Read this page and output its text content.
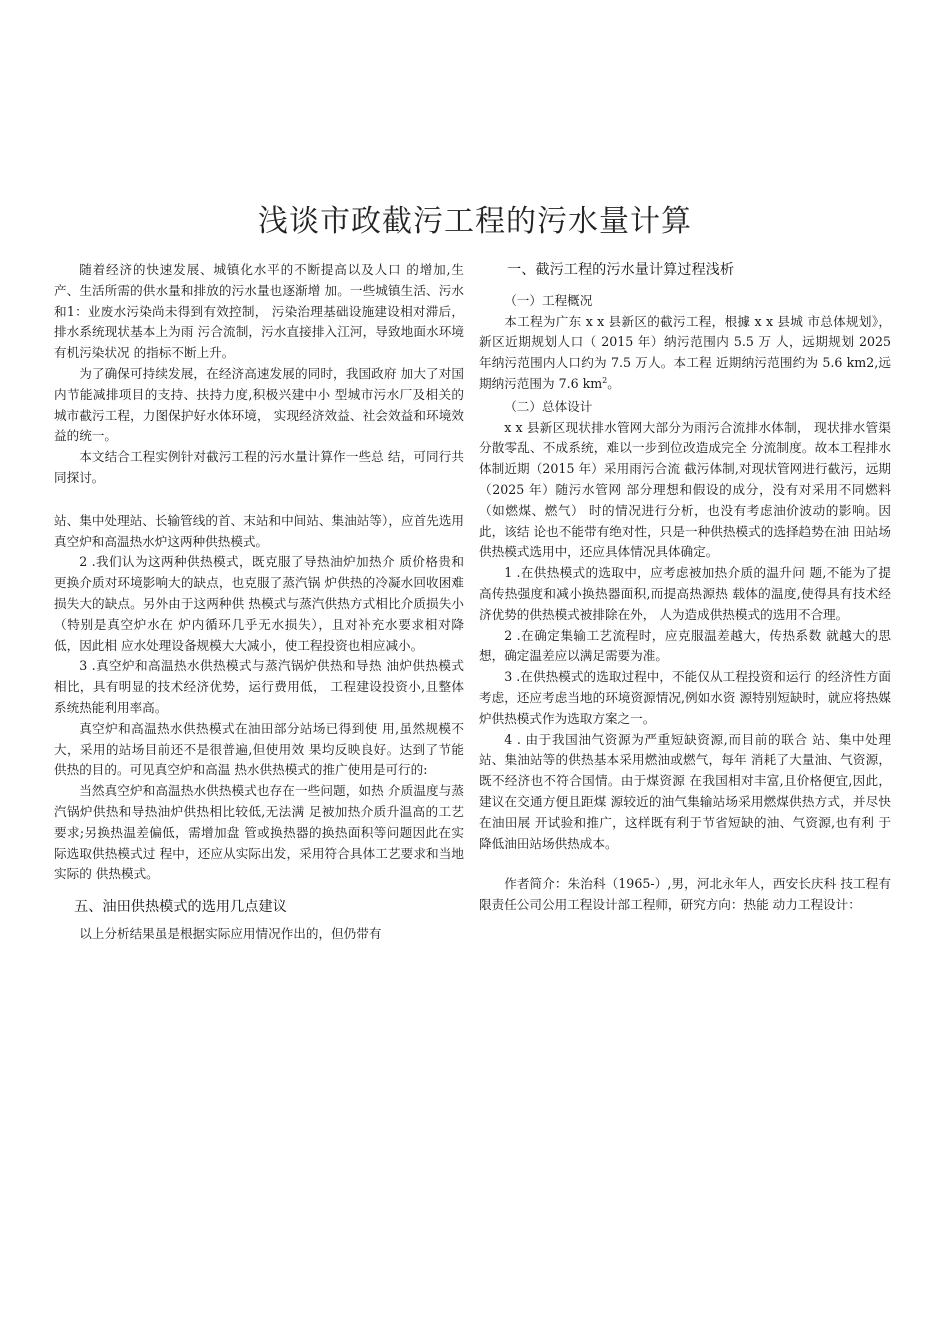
浅谈市政截污工程的污水量计算

随着经济的快速发展、城镇化水平的不断提高以及人口 的增加,生产、生活所需的供水量和排放的污水量也逐渐增 加。一些城镇生活、污水和1：业废水污染尚未得到有效控制， 污染治理基础设施建设相对滞后，排水系统现状基本上为雨 污合流制，污水直接排入江河，导致地面水环境有机污染状况 的指标不断上升。

为了确保可持续发展，在经济高速发展的同时，我国政府 加大了对国内节能减排项目的支持、扶持力度,积极兴建中小 型城市污水厂及相关的城市截污工程，力图保护好水体环境， 实现经济效益、社会效益和环境效益的统一。

本文结合工程实例针对截污工程的污水量计算作一些总 结，可同行共同探讨。

站、集中处理站、长输管线的首、末站和中间站、集油站等），应首先选用真空炉和高温热水炉这两种供热模式。

2 .我们认为这两种供热模式，既克服了导热油炉加热介 质价格贵和更换介质对环境影响大的缺点，也克服了蒸汽锅 炉供热的冷凝水回收困难损失大的缺点。另外由于这两种供 热模式与蒸汽供热方式相比介质损失小（特别是真空炉水在 炉内循环几乎无水损失），且对补充水要求相对降低，因此相 应水处理设备规模大大减小，使工程投资也相应减小。

3 .真空炉和高温热水供热模式与蒸汽锅炉供热和导热 油炉供热模式相比，具有明显的技术经济优势，运行费用低， 工程建设投资小,且整体系统热能利用率高。

真空炉和高温热水供热模式在油田部分站场已得到使 用,虽然规模不大，采用的站场目前还不是很普遍,但使用效 果均反映良好。达到了节能供热的目的。可见真空炉和高温 热水供热模式的推广使用是可行的:

当然真空炉和高温热水供热模式也存在一些问题，如热 介质温度与蒸汽锅炉供热和导热油炉供热相比较低,无法满 足被加热介质升温高的工艺要求;另换热温差偏低，需增加盘 管或换热器的换热面积等问题因此在实际选取供热模式过 程中，还应从实际出发，采用符合具体工艺要求和当地实际的 供热模式。

五、油田供热模式的选用几点建议

以上分析结果虽是根据实际应用情况作出的，但仍带有

一、截污工程的污水量计算过程浅析

（一）工程概况

本工程为广东 x x 县新区的截污工程，根據 x x 县城 市总体规划》，新区近期规划人口（ 2015 年）纳污范围内 5.5 万 人，远期规划 2025 年纳污范围内人口约为 7.5 万人。本工程 近期纳污范围约为 5.6 km2,远期纳污范围为 7.6 $km^2$。

（二）总体设计

x x 县新区现状排水管网大部分为雨污合流排水体制， 现状排水管渠分散零乱、不成系统，难以一步到位改造成完全 分流制度。故本工程排水体制近期（2015 年）采用雨污合流 截污体制,对现状管网进行截污，远期（2025 年）随污水管网 部分理想和假设的成分，没有对采用不同燃料（如燃煤、燃气） 时的情况进行分析，也没有考虑油价波动的影响。因此，该结 论也不能带有绝对性，只是一种供热模式的选择趋势在油 田站场供热模式选用中，还应具体情况具体确定。

1 .在供热模式的选取中，应考虑被加热介质的温升问 题,不能为了提高传热强度和减小换热器面积,而提高热源热 载体的温度,使得具有技术经济优势的供热模式被排除在外， 人为造成供热模式的选用不合理。

2 .在确定集输工艺流程时，应克服温差越大，传热系数 就越大的思想，确定温差应以满足需要为准。

3 .在供热模式的选取过程中，不能仅从工程投资和运行 的经济性方面考虑，还应考虑当地的环境资源情况,例如水资 源特别短缺时，就应将热媒炉供热模式作为选取方案之一。

4 . 由于我国油气资源为严重短缺资源,而目前的联合 站、集中处理站、集油站等的供热基本采用燃油或燃气，每年 消耗了大量油、气资源，既不经济也不符合国情。由于煤资源 在我国相对丰富,且价格便宜,因此，建议在交通方便且距煤 源较近的油气集输站场采用燃煤供热方式，并尽快在油田展 开试验和推广，这样既有利于节省短缺的油、气资源,也有利 于降低油田站场供热成本。

作者简介：朱治科（1965-）,男，河北永年人，西安长庆科 技工程有限责任公司公用工程设计部工程师，研究方向：热能 动力工程设计：
